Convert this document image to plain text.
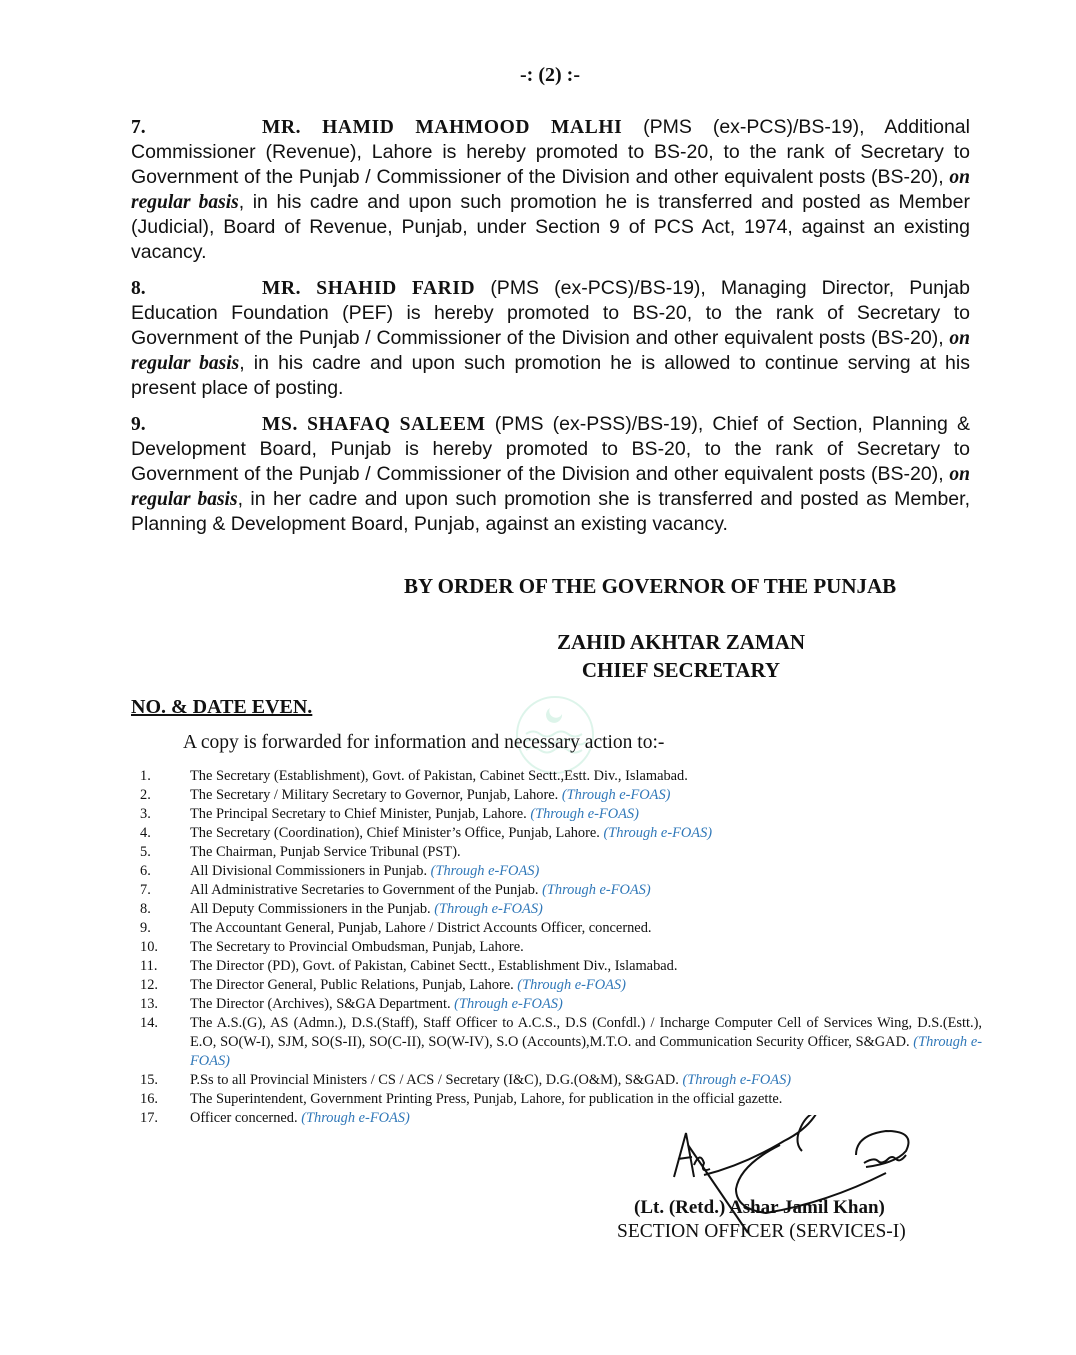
-: (2) :-
7.	MR. HAMID MAHMOOD MALHI (PMS (ex-PCS)/BS-19), Additional Commissioner (Revenue), Lahore is hereby promoted to BS-20, to the rank of Secretary to Government of the Punjab / Commissioner of the Division and other equivalent posts (BS-20), on regular basis, in his cadre and upon such promotion he is transferred and posted as Member (Judicial), Board of Revenue, Punjab, under Section 9 of PCS Act, 1974, against an existing vacancy.
8.	MR. SHAHID FARID (PMS (ex-PCS)/BS-19), Managing Director, Punjab Education Foundation (PEF) is hereby promoted to BS-20, to the rank of Secretary to Government of the Punjab / Commissioner of the Division and other equivalent posts (BS-20), on regular basis, in his cadre and upon such promotion he is allowed to continue serving at his present place of posting.
9.	MS. SHAFAQ SALEEM (PMS (ex-PSS)/BS-19), Chief of Section, Planning & Development Board, Punjab is hereby promoted to BS-20, to the rank of Secretary to Government of the Punjab / Commissioner of the Division and other equivalent posts (BS-20), on regular basis, in her cadre and upon such promotion she is transferred and posted as Member, Planning & Development Board, Punjab, against an existing vacancy.
BY ORDER OF THE GOVERNOR OF THE PUNJAB
ZAHID AKHTAR ZAMAN
CHIEF SECRETARY
NO. & DATE EVEN.
A copy is forwarded for information and necessary action to:-
1.	The Secretary (Establishment), Govt. of Pakistan, Cabinet Sectt.,Estt. Div., Islamabad.
2.	The Secretary / Military Secretary to Governor, Punjab, Lahore. (Through e-FOAS)
3.	The Principal Secretary to Chief Minister, Punjab, Lahore. (Through e-FOAS)
4.	The Secretary (Coordination), Chief Minister’s Office, Punjab, Lahore. (Through e-FOAS)
5.	The Chairman, Punjab Service Tribunal (PST).
6.	All Divisional Commissioners in Punjab. (Through e-FOAS)
7.	All Administrative Secretaries to Government of the Punjab. (Through e-FOAS)
8.	All Deputy Commissioners in the Punjab. (Through e-FOAS)
9.	The Accountant General, Punjab, Lahore / District Accounts Officer, concerned.
10.	The Secretary to Provincial Ombudsman, Punjab, Lahore.
11.	The Director (PD), Govt. of Pakistan, Cabinet Sectt., Establishment Div., Islamabad.
12.	The Director General, Public Relations, Punjab, Lahore. (Through e-FOAS)
13.	The Director (Archives), S&GA Department. (Through e-FOAS)
14.	The A.S.(G), AS (Admn.), D.S.(Staff), Staff Officer to A.C.S., D.S (Confdl.) / Incharge Computer Cell of Services Wing, D.S.(Estt.), E.O, SO(W-I), SJM, SO(S-II), SO(C-II), SO(W-IV), S.O (Accounts),M.T.O. and Communication Security Officer, S&GAD. (Through e-FOAS)
15.	P.Ss to all Provincial Ministers / CS / ACS / Secretary (I&C), D.G.(O&M), S&GAD. (Through e-FOAS)
16.	The Superintendent, Government Printing Press, Punjab, Lahore, for publication in the official gazette.
17.	Officer concerned. (Through e-FOAS)
(Lt. (Retd.) Ashar Jamil Khan)
SECTION OFFICER (SERVICES-I)
